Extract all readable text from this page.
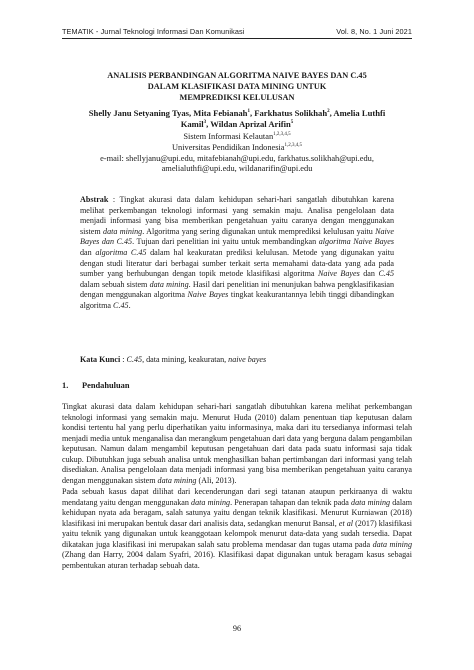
TEMATIK - Jurnal Teknologi Informasi Dan Komunikasi	Vol. 8, No. 1 Juni 2021
ANALISIS PERBANDINGAN ALGORITMA NAIVE BAYES DAN C.45
DALAM KLASIFIKASI DATA MINING UNTUK
MEMPREDIKSI KELULUSAN
Shelly Janu Setyaning Tyas, Mita Febianah$^1$, Farkhatus Solikhah$^2$, Amelia Luthfi
Kamil$^3$, Wildan Aprizal Arifin$^5$
Sistem Informasi Kelautan$^{1,2,3,4,5}$
Universitas Pendidikan Indonesia$^{1,2,3,4,5}$
e-mail: shellyjanu@upi.edu, mitafebianah@upi.edu, farkhatus.solikhah@upi.edu,
amelialuthfi@upi.edu, wildanarifin@upi.edu
Abstrak : Tingkat akurasi data dalam kehidupan sehari-hari sangatlah dibutuhkan karena melihat perkembangan teknologi informasi yang semakin maju. Analisa pengelolaan data menjadi informasi yang bisa memberikan pengetahuan yaitu caranya dengan menggunakan sistem data mining. Algoritma yang sering digunakan untuk memprediksi kelulusan yaitu Naive Bayes dan C.45. Tujuan dari penelitian ini yaitu untuk membandingkan algoritma Naive Bayes dan algoritma C.45 dalam hal keakuratan prediksi kelulusan. Metode yang digunakan yaitu dengan studi literatur dari berbagai sumber terkait serta memahami data-data yang ada pada sumber yang berhubungan dengan topik metode klasifikasi algoritma Naive Bayes dan C.45 dalam sebuah sistem data mining. Hasil dari penelitian ini menunjukan bahwa pengklasifikasian dengan menggunakan algoritma Naive Bayes tingkat keakurantannya lebih tinggi dibandingkan algoritma C.45.
Kata Kunci : C.45, data mining, keakuratan, naive bayes
1. Pendahuluan
Tingkat akurasi data dalam kehidupan sehari-hari sangatlah dibutuhkan karena melihat perkembangan teknologi informasi yang semakin maju. Menurut Huda (2010) dalam penentuan tiap keputusan dalam kondisi tertentu hal yang perlu diperhatikan yaitu informasinya, maka dari itu tersedianya informasi telah menjadi media untuk menganalisa dan merangkum pengetahuan dari data yang berguna dalam pengambilan keputusan. Namun dalam mengambil keputusan pengetahuan dari data pada suatu informasi saja tidak cukup. Dibutuhkan juga sebuah analisa untuk menghasilkan bahan pertimbangan dari informasi yang telah disediakan. Analisa pengelolaan data menjadi informasi yang bisa memberikan pengetahuan yaitu caranya dengan menggunakan sistem data mining (Ali, 2013).
Pada sebuah kasus dapat dilihat dari kecenderungan dari segi tatanan ataupun perkiraanya di waktu mendatang yaitu dengan menggunakan data mining. Penerapan tahapan dan teknik pada data mining dalam kehidupan nyata ada beragam, salah satunya yaitu dengan teknik klasifikasi. Menurut Kurniawan (2018) klasifikasi ini merupakan bentuk dasar dari analisis data, sedangkan menurut Bansal, et al (2017) klasifikasi yaitu teknik yang digunakan untuk keanggotaan kelompok menurut data-data yang sudah tersedia. Dapat dikatakan juga klasifikasi ini merupakan salah satu problema mendasar dan tugas utama pada data mining (Zhang dan Harry, 2004 dalam Syafri, 2016). Klasifikasi dapat digunakan untuk beragam kasus sebagai pembentukan aturan terhadap sebuah data.
96
